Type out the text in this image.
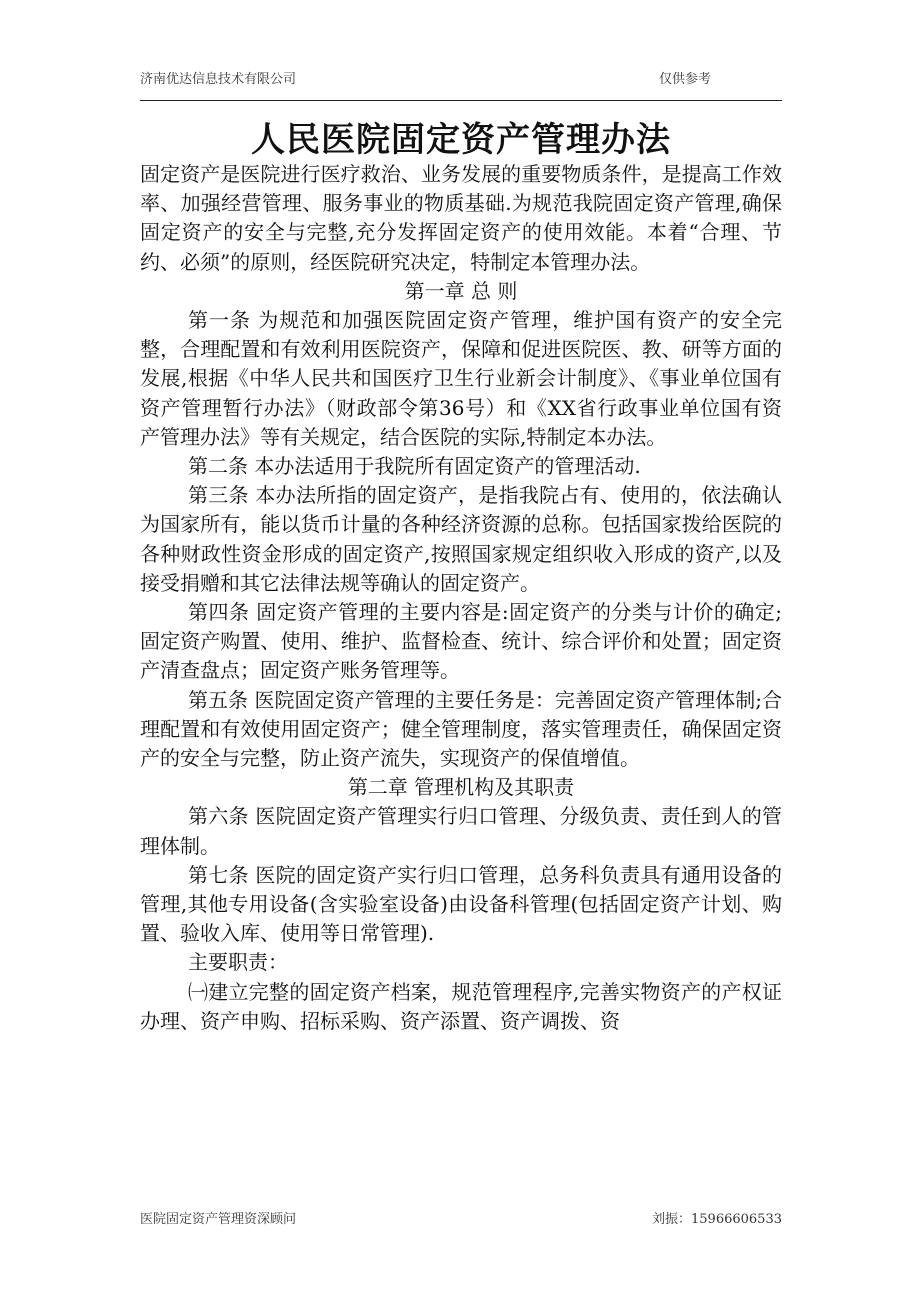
济南优达信息技术有限公司	仅供参考
人民医院固定资产管理办法

固定资产是医院进行医疗救治、业务发展的重要物质条件，是提高工作效率、加强经营管理、服务事业的物质基础.为规范我院固定资产管理,确保固定资产的安全与完整,充分发挥固定资产的使用效能。本着“合理、节约、必须”的原则，经医院研究决定，特制定本管理办法。

第一章 总 则

第一条 为规范和加强医院固定资产管理，维护国有资产的安全完整，合理配置和有效利用医院资产，保障和促进医院医、教、研等方面的发展,根据《中华人民共和国医疗卫生行业新会计制度》、《事业单位国有资产管理暂行办法》（财政部令第36号）和《XX省行政事业单位国有资产管理办法》等有关规定，结合医院的实际,特制定本办法。

第二条 本办法适用于我院所有固定资产的管理活动.

第三条 本办法所指的固定资产，是指我院占有、使用的，依法确认为国家所有，能以货币计量的各种经济资源的总称。包括国家拨给医院的各种财政性资金形成的固定资产,按照国家规定组织收入形成的资产,以及接受捐赠和其它法律法规等确认的固定资产。

第四条 固定资产管理的主要内容是:固定资产的分类与计价的确定;固定资产购置、使用、维护、监督检查、统计、综合评价和处置；固定资产清查盘点；固定资产账务管理等。

第五条 医院固定资产管理的主要任务是：完善固定资产管理体制;合理配置和有效使用固定资产；健全管理制度，落实管理责任，确保固定资产的安全与完整，防止资产流失，实现资产的保值增值。

第二章 管理机构及其职责

第六条 医院固定资产管理实行归口管理、分级负责、责任到人的管理体制。

第七条 医院的固定资产实行归口管理，总务科负责具有通用设备的管理,其他专用设备(含实验室设备)由设备科管理(包括固定资产计划、购置、验收入库、使用等日常管理).

主要职责：

㈠建立完整的固定资产档案，规范管理程序,完善实物资产的产权证办理、资产申购、招标采购、资产添置、资产调拨、资

医院固定资产管理资深顾问	刘振：15966606533
